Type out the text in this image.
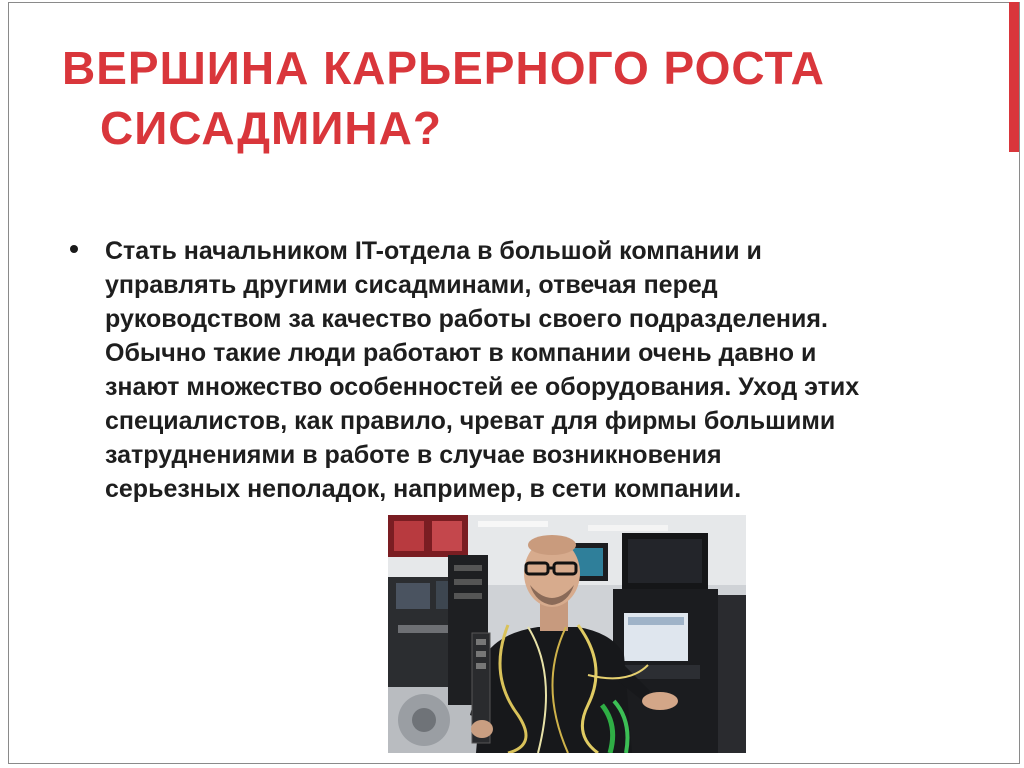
ВЕРШИНА КАРЬЕРНОГО РОСТА
СИСАДМИНА?

Стать начальником IT-отдела в большой компании и
управлять другими сисадминами, отвечая перед
руководством за качество работы своего подразделения.
Обычно такие люди работают в компании очень давно и
знают множество особенностей ее оборудования. Уход этих
специалистов, как правило, чреват для фирмы большими
затруднениями в работе в случае возникновения
серьезных неполадок, например, в сети компании.
